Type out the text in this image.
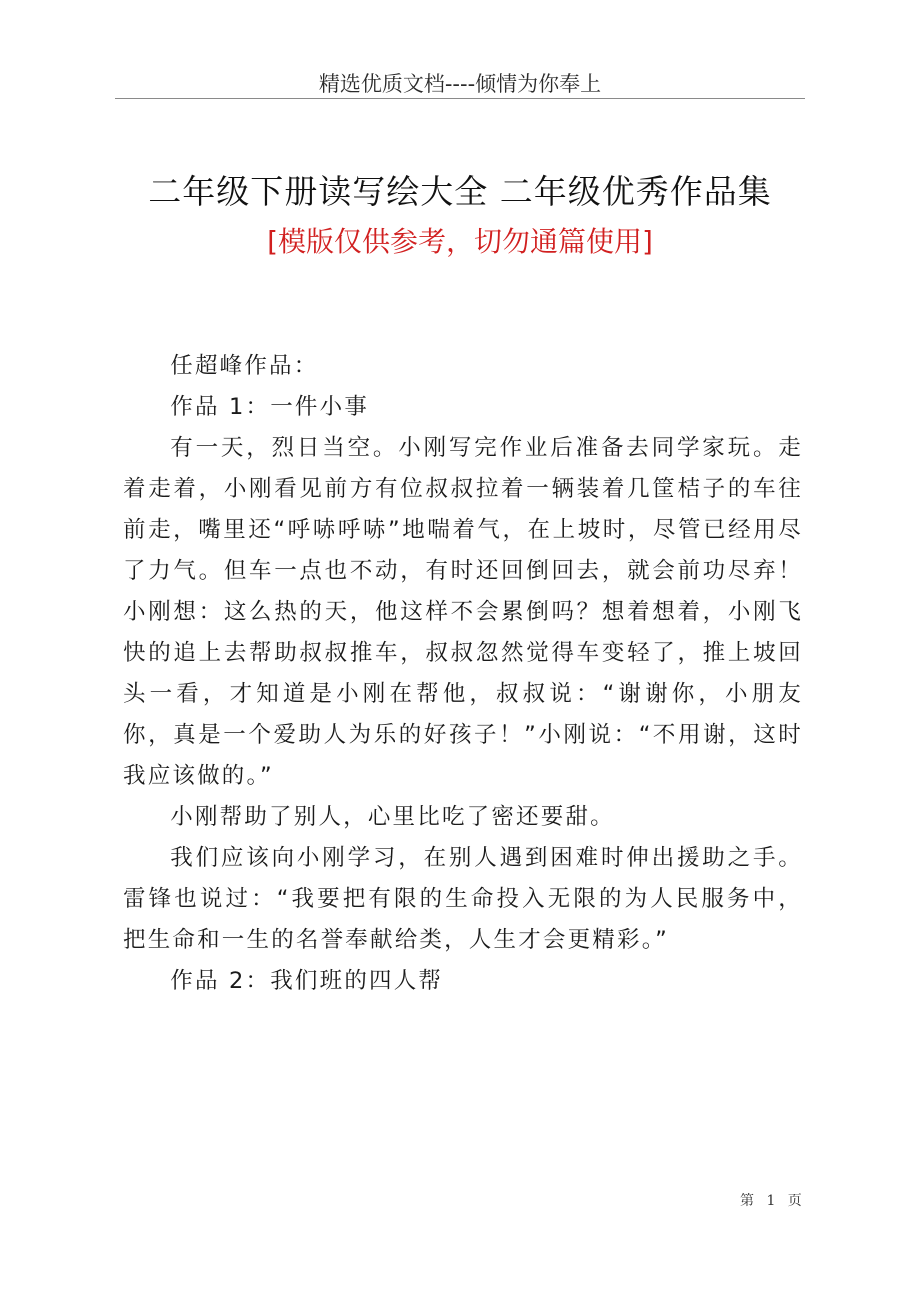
精选优质文档----倾情为你奉上
二年级下册读写绘大全 二年级优秀作品集
[模版仅供参考，切勿通篇使用]

任超峰作品：

作品 1：一件小事

有一天，烈日当空。小刚写完作业后准备去同学家玩。走着走着，小刚看见前方有位叔叔拉着一辆装着几筐桔子的车往前走，嘴里还“呼哧呼哧”地喘着气，在上坡时，尽管已经用尽了力气。但车一点也不动，有时还回倒回去，就会前功尽弃！小刚想：这么热的天，他这样不会累倒吗？想着想着，小刚飞快的追上去帮助叔叔推车，叔叔忽然觉得车变轻了，推上坡回头一看，才知道是小刚在帮他，叔叔说：“谢谢你，小朋友你，真是一个爱助人为乐的好孩子！”小刚说：“不用谢，这时我应该做的。”

小刚帮助了别人，心里比吃了密还要甜。

我们应该向小刚学习，在别人遇到困难时伸出援助之手。雷锋也说过：“我要把有限的生命投入无限的为人民服务中，把生命和一生的名誉奉献给类，人生才会更精彩。”

作品 2：我们班的四人帮

第 1 页
